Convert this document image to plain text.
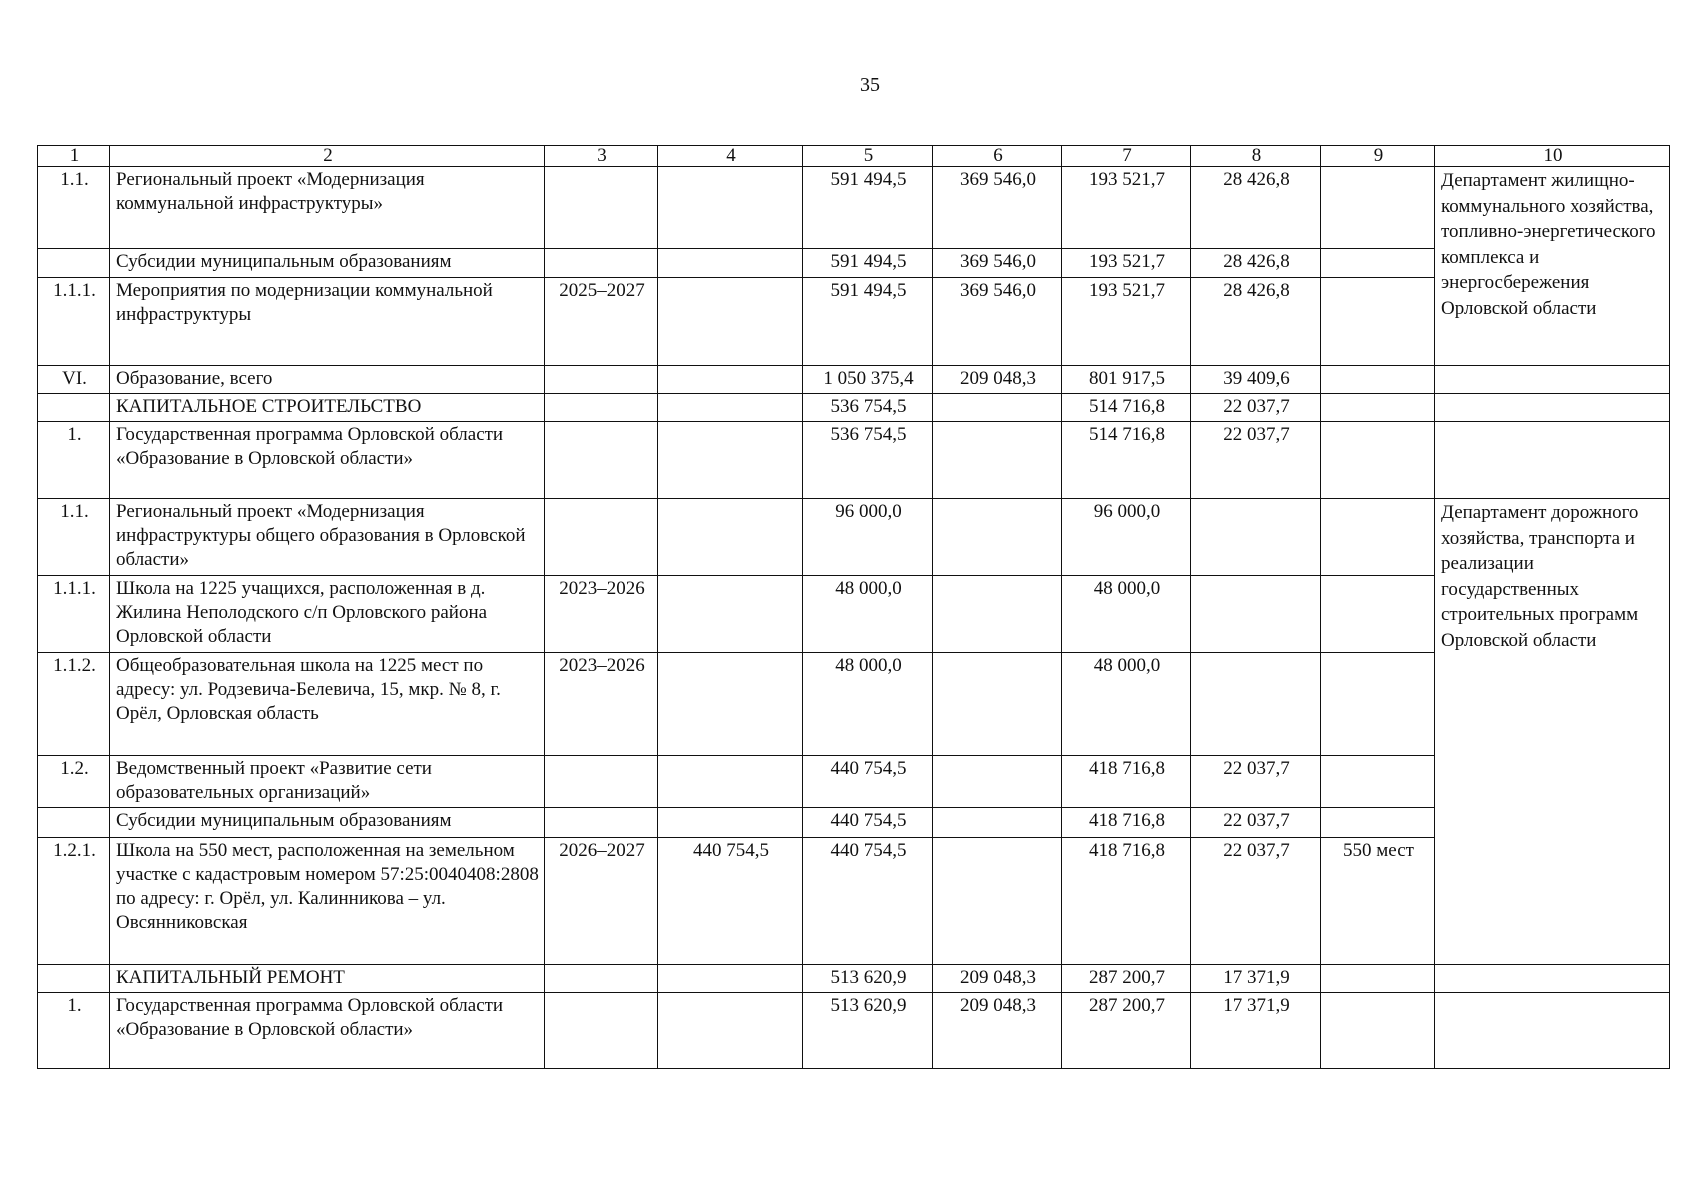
35
1	2	3	4	5	6	7	8	9	10
1.1.	Региональный проект «Модернизация коммунальной инфраструктуры»			591 494,5	369 546,0	193 521,7	28 426,8		Департамент жилищно-коммунального хозяйства, топливно-энергетического комплекса и энергосбережения Орловской области
	Субсидии муниципальным образованиям			591 494,5	369 546,0	193 521,7	28 426,8		
1.1.1.	Мероприятия по модернизации коммунальной инфраструктуры	2025–2027		591 494,5	369 546,0	193 521,7	28 426,8		
VI.	Образование, всего			1 050 375,4	209 048,3	801 917,5	39 409,6		
	КАПИТАЛЬНОЕ СТРОИТЕЛЬСТВО			536 754,5		514 716,8	22 037,7		
1.	Государственная программа Орловской области «Образование в Орловской области»			536 754,5		514 716,8	22 037,7		
1.1.	Региональный проект «Модернизация инфраструктуры общего образования в Орловской области»			96 000,0		96 000,0			Департамент дорожного хозяйства, транспорта и реализации государственных строительных программ Орловской области
1.1.1.	Школа на 1225 учащихся, расположенная в д. Жилина Неполодского с/п Орловского района Орловской области	2023–2026		48 000,0		48 000,0			
1.1.2.	Общеобразовательная школа на 1225 мест по адресу: ул. Родзевича-Белевича, 15, мкр. № 8, г. Орёл, Орловская область	2023–2026		48 000,0		48 000,0			
1.2.	Ведомственный проект «Развитие сети образовательных организаций»			440 754,5		418 716,8	22 037,7		
	Субсидии муниципальным образованиям			440 754,5		418 716,8	22 037,7		
1.2.1.	Школа на 550 мест, расположенная на земельном участке с кадастровым номером 57:25:0040408:2808 по адресу: г. Орёл, ул. Калинникова – ул. Овсянниковская	2026–2027	440 754,5	440 754,5		418 716,8	22 037,7	550 мест	
	КАПИТАЛЬНЫЙ РЕМОНТ			513 620,9	209 048,3	287 200,7	17 371,9		
1.	Государственная программа Орловской области «Образование в Орловской области»			513 620,9	209 048,3	287 200,7	17 371,9		
